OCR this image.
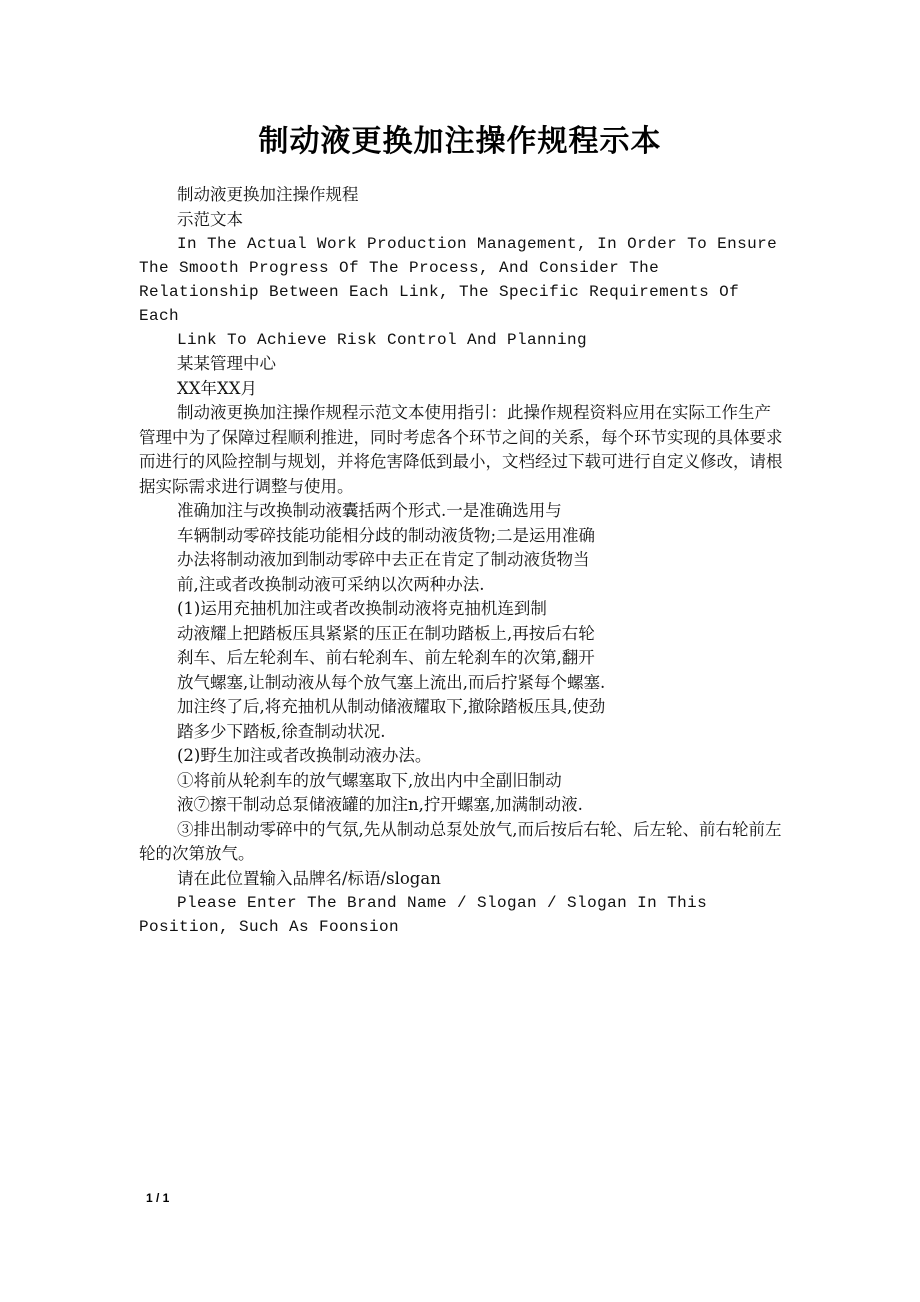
制动液更换加注操作规程示本

制动液更换加注操作规程

示范文本

In The Actual Work Production Management, In Order To Ensure The Smooth Progress Of The Process, And Consider The Relationship Between Each Link, The Specific Requirements Of Each

Link To Achieve Risk Control And Planning

某某管理中心

XX年XX月

制动液更换加注操作规程示范文本使用指引：此操作规程资料应用在实际工作生产管理中为了保障过程顺利推进，同时考虑各个环节之间的关系，每个环节实现的具体要求而进行的风险控制与规划，并将危害降低到最小，文档经过下载可进行自定义修改，请根据实际需求进行调整与使用。

准确加注与改换制动液囊括两个形式.一是准确选用与

车辆制动零碎技能功能相分歧的制动液货物;二是运用准确

办法将制动液加到制动零碎中去正在肯定了制动液货物当

前,注或者改换制动液可采纳以次两种办法.

(1)运用充抽机加注或者改换制动液将克抽机连到制

动液耀上把踏板压具紧紧的压正在制功踏板上,再按后右轮

刹车、后左轮刹车、前右轮刹车、前左轮刹车的次第,翻开

放气螺塞,让制动液从每个放气塞上流出,而后拧紧每个螺塞.

加注终了后,将充抽机从制动储液耀取下,撤除踏板压具,使劲

踏多少下踏板,徐查制动状况.

(2)野生加注或者改换制动液办法。

①将前从轮刹车的放气螺塞取下,放出内中全副旧制动

液⑦擦干制动总泵储液罐的加注n,拧开螺塞,加满制动液.

③排出制动零碎中的气氛,先从制动总泵处放气,而后按后右轮、后左轮、前右轮前左轮的次第放气。

请在此位置输入品牌名/标语/slogan

Please Enter The Brand Name / Slogan / Slogan In This Position, Such As Foonsion

1 / 1
